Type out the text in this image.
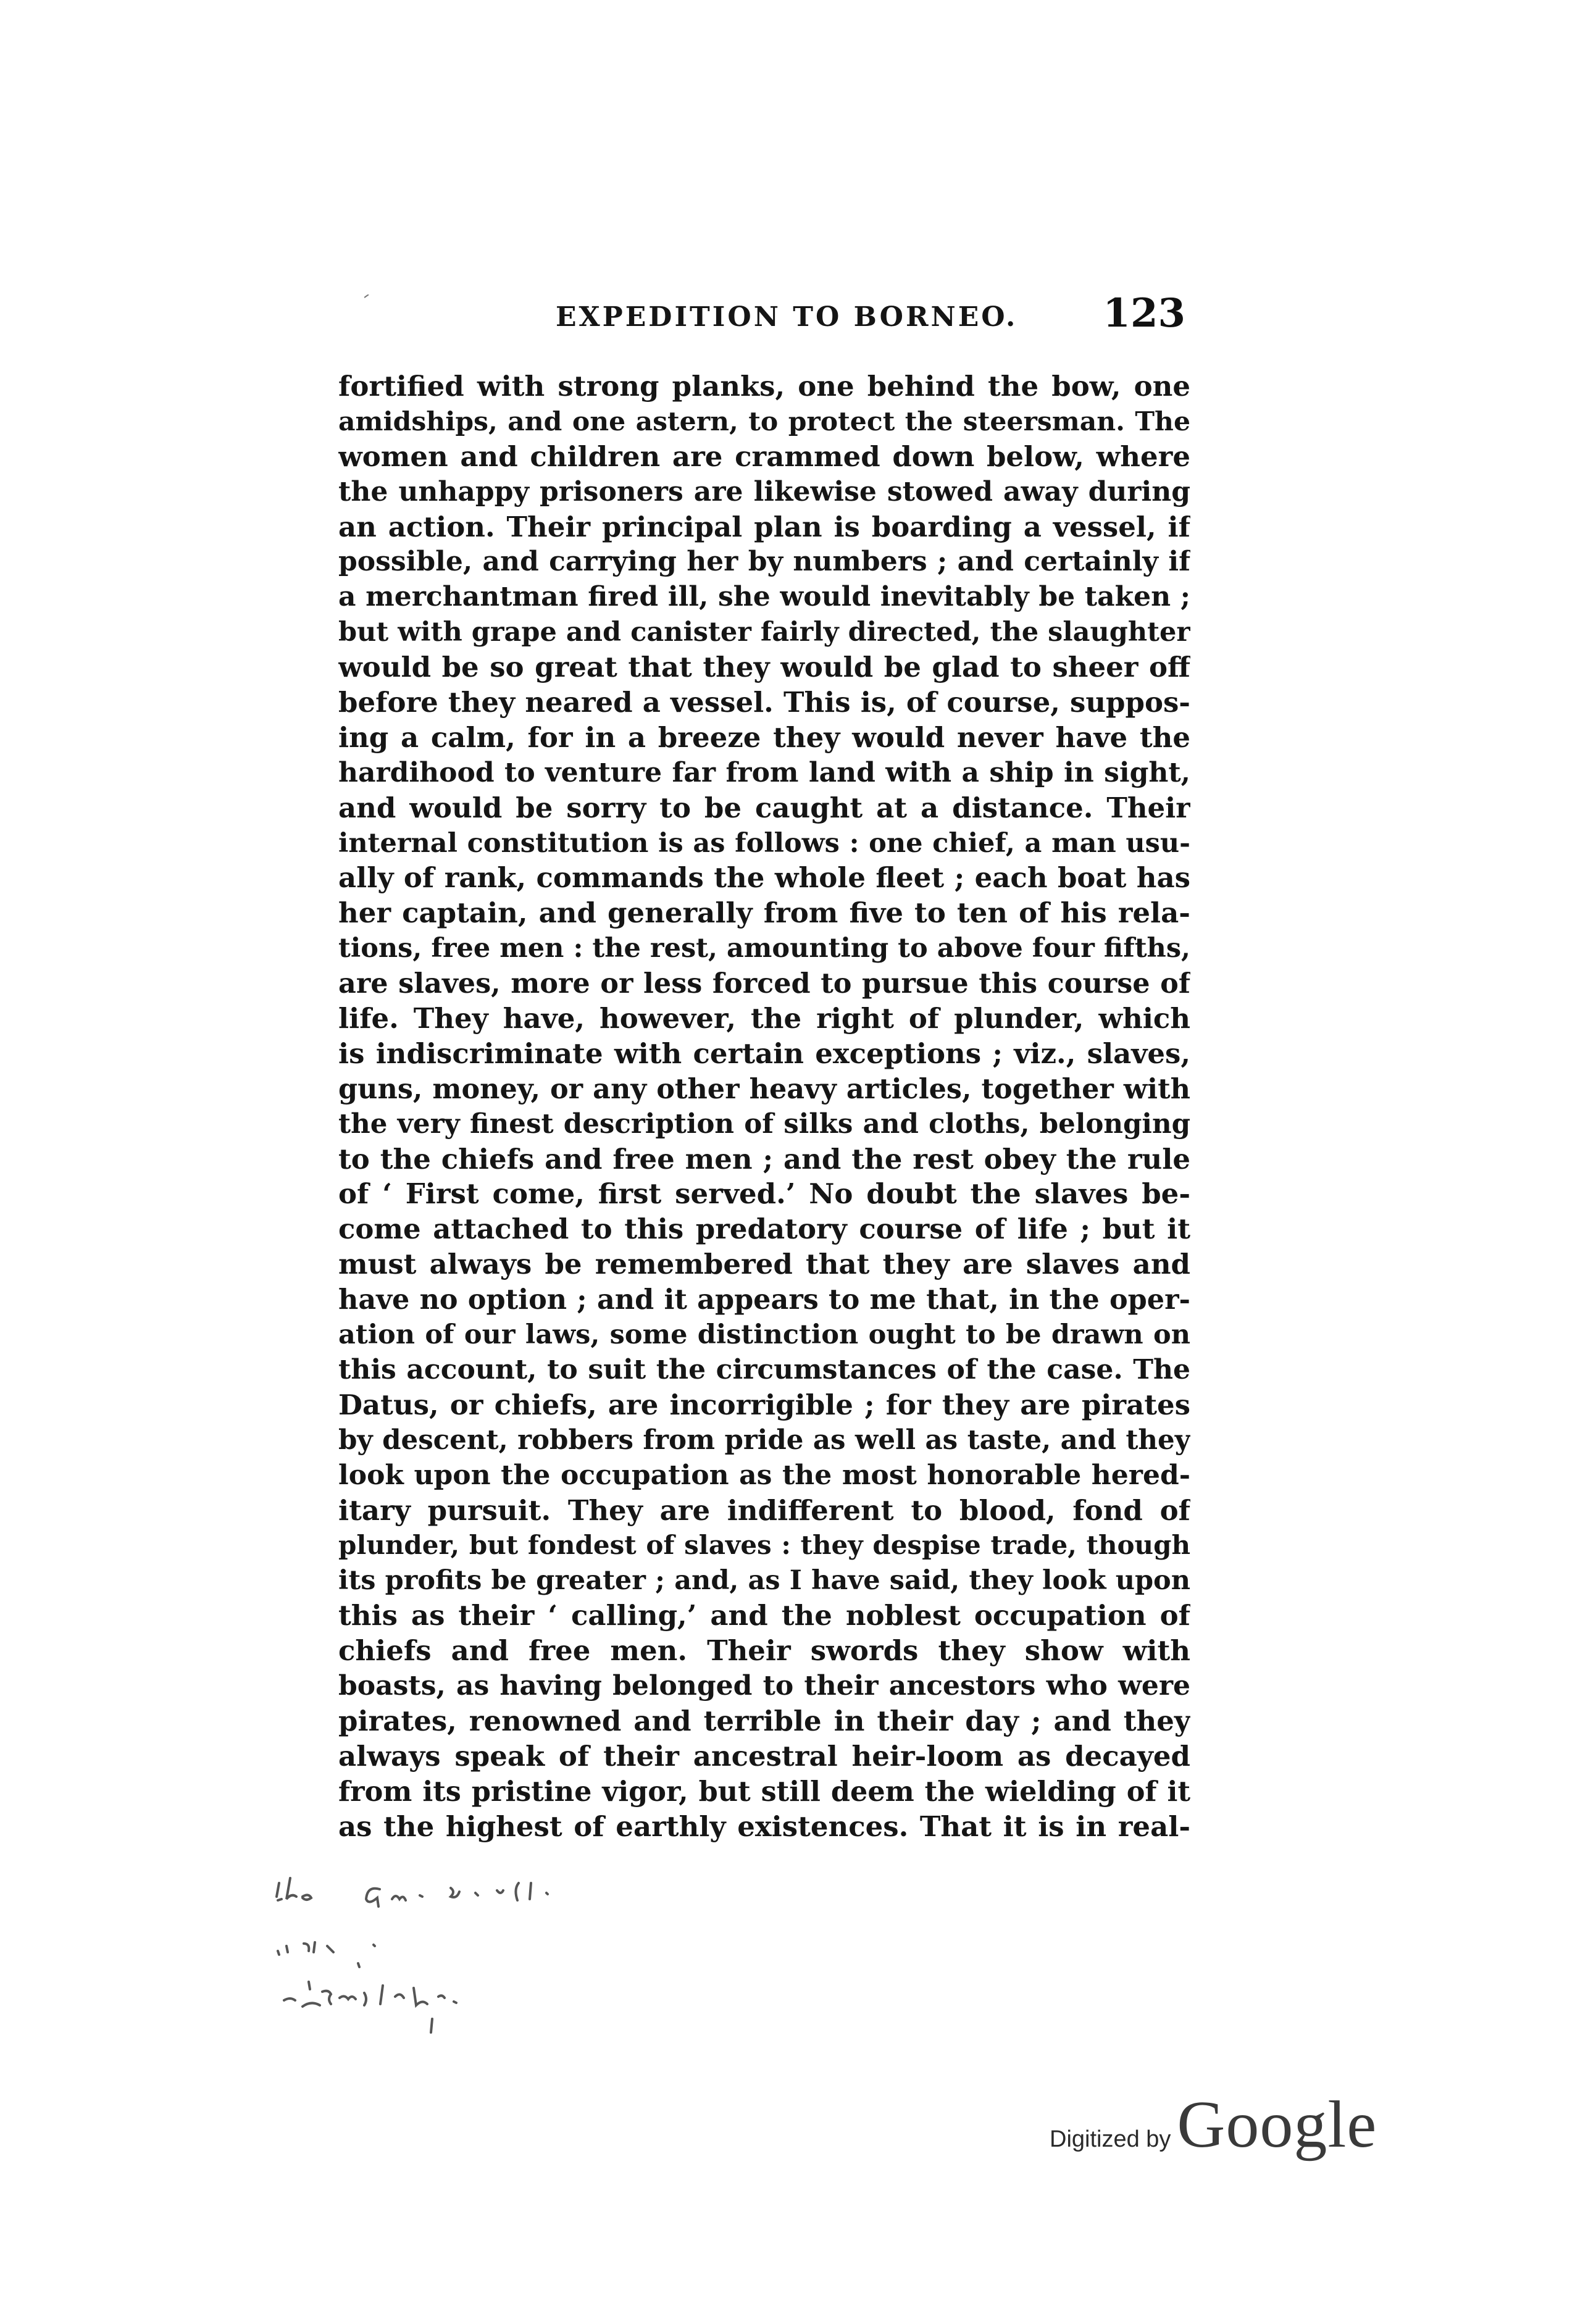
EXPEDITION TO BORNEO. 123
fortified with strong planks, one behind the bow, one
amidships, and one astern, to protect the steersman. The
women and children are crammed down below, where
the unhappy prisoners are likewise stowed away during
an action. Their principal plan is boarding a vessel, if
possible, and carrying her by numbers ; and certainly if
a merchantman fired ill, she would inevitably be taken ;
but with grape and canister fairly directed, the slaughter
would be so great that they would be glad to sheer off
before they neared a vessel. This is, of course, suppos-
ing a calm, for in a breeze they would never have the
hardihood to venture far from land with a ship in sight,
and would be sorry to be caught at a distance. Their
internal constitution is as follows : one chief, a man usu-
ally of rank, commands the whole fleet ; each boat has
her captain, and generally from five to ten of his rela-
tions, free men : the rest, amounting to above four fifths,
are slaves, more or less forced to pursue this course of
life. They have, however, the right of plunder, which
is indiscriminate with certain exceptions ; viz., slaves,
guns, money, or any other heavy articles, together with
the very finest description of silks and cloths, belonging
to the chiefs and free men ; and the rest obey the rule
of ‘ First come, first served.’ No doubt the slaves be-
come attached to this predatory course of life ; but it
must always be remembered that they are slaves and
have no option ; and it appears to me that, in the oper-
ation of our laws, some distinction ought to be drawn on
this account, to suit the circumstances of the case. The
Datus, or chiefs, are incorrigible ; for they are pirates
by descent, robbers from pride as well as taste, and they
look upon the occupation as the most honorable hered-
itary pursuit. They are indifferent to blood, fond of
plunder, but fondest of slaves : they despise trade, though
its profits be greater ; and, as I have said, they look upon
this as their ‘ calling,’ and the noblest occupation of
chiefs and free men. Their swords they show with
boasts, as having belonged to their ancestors who were
pirates, renowned and terrible in their day ; and they
always speak of their ancestral heir-loom as decayed
from its pristine vigor, but still deem the wielding of it
as the highest of earthly existences. That it is in real-
Digitized byGoogle
